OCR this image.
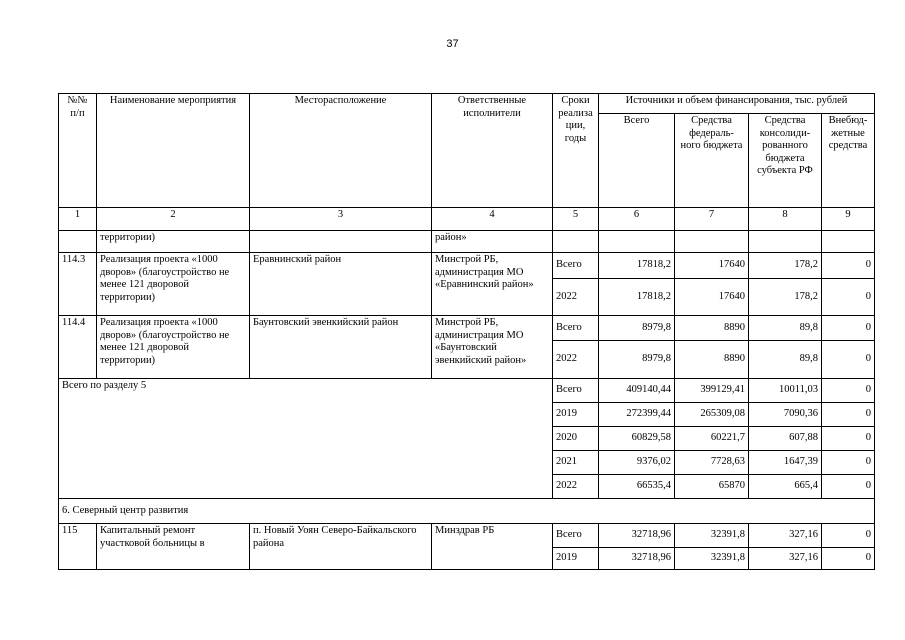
37
№№ п/п	Наименование мероприятия	Месторасположение	Ответственные исполнители	Сроки реализа ции, годы	Источники и объем финансирования, тыс. рублей			
					Всего	Средства федераль- ного бюджета	Средства консолиди- рованного бюджета субъекта РФ	Внебюд- жетные средства
1	2	3	4	5	6	7	8	9
	территории)		район»					
114.3	Реализация проекта «1000 дворов» (благоустройство не менее 121 дворовой территории)	Еравнинский район	Минстрой РБ, администрация МО «Еравнинский район»	Всего	17818,2	17640	178,2	0
				2022	17818,2	17640	178,2	0
114.4	Реализация проекта «1000 дворов» (благоустройство не менее 121 дворовой территории)	Баунтовский эвенкийский район	Минстрой РБ, администрация МО «Баунтовский эвенкийский район»	Всего	8979,8	8890	89,8	0
				2022	8979,8	8890	89,8	0
Всего по разделу 5				Всего	409140,44	399129,41	10011,03	0
				2019	272399,44	265309,08	7090,36	0
				2020	60829,58	60221,7	607,88	0
				2021	9376,02	7728,63	1647,39	0
				2022	66535,4	65870	665,4	0
6. Северный центр развития								
115	Капитальный ремонт участковой больницы в	п. Новый Уоян Северо-Байкальского района	Минздрав РБ	Всего	32718,96	32391,8	327,16	0
				2019	32718,96	32391,8	327,16	0
